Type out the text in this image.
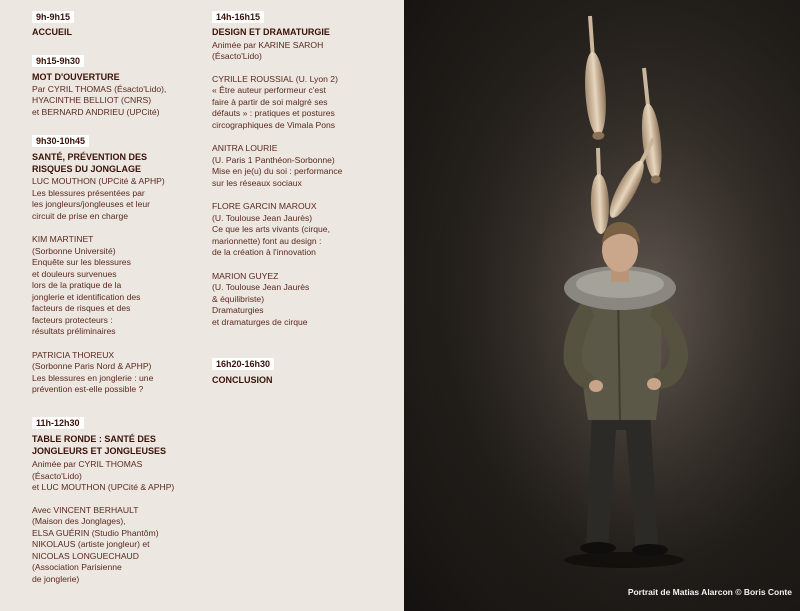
9h-9h15
ACCUEIL
9h15-9h30
MOT D'OUVERTURE
Par CYRIL THOMAS (Ésacto'Lido),
HYACINTHE BELLIOT (CNRS)
et BERNARD ANDRIEU (UPCité)
9h30-10h45
SANTÉ, PRÉVENTION DES
RISQUES DU JONGLAGE
LUC MOUTHON (UPCité & APHP)
Les blessures présentées par
les jongleurs/jongleuses et leur
circuit de prise en charge
KIM MARTINET
(Sorbonne Université)
Enquête sur les blessures
et douleurs survenues
lors de la pratique de la
jonglerie et identification des
facteurs de risques et des
facteurs protecteurs :
résultats préliminaires
PATRICIA THOREUX
(Sorbonne Paris Nord & APHP)
Les blessures en jonglerie : une
prévention est-elle possible ?
11h-12h30
TABLE RONDE : SANTÉ DES
JONGLEURS ET JONGLEUSES
Animée par CYRIL THOMAS
(Ésacto'Lido)
et LUC MOUTHON (UPCité & APHP)
Avec VINCENT BERHAULT
(Maison des Jonglages),
ELSA GUÉRIN (Studio Phantôm)
NIKOLAUS (artiste jongleur) et
NICOLAS LONGUECHAUD
(Association Parisienne
de jonglerie)
14h-16h15
DESIGN ET DRAMATURGIE
Animée par KARINE SAROH
(Ésacto'Lido)
CYRILLE ROUSSIAL (U. Lyon 2)
« Être auteur performeur c'est
faire à partir de soi malgré ses
défauts » : pratiques et postures
circographiques de Vimala Pons
ANITRA LOURIE
(U. Paris 1 Panthéon-Sorbonne)
Mise en je(u) du soi : performance
sur les réseaux sociaux
FLORE GARCIN MAROUX
(U. Toulouse Jean Jaurès)
Ce que les arts vivants (cirque,
marionnette) font au design :
de la création à l'innovation
MARION GUYEZ
(U. Toulouse Jean Jaurès
& équilibriste)
Dramaturgies
et dramaturges de cirque
16h20-16h30
CONCLUSION
Portrait de Matias Alarcon © Boris Conte
